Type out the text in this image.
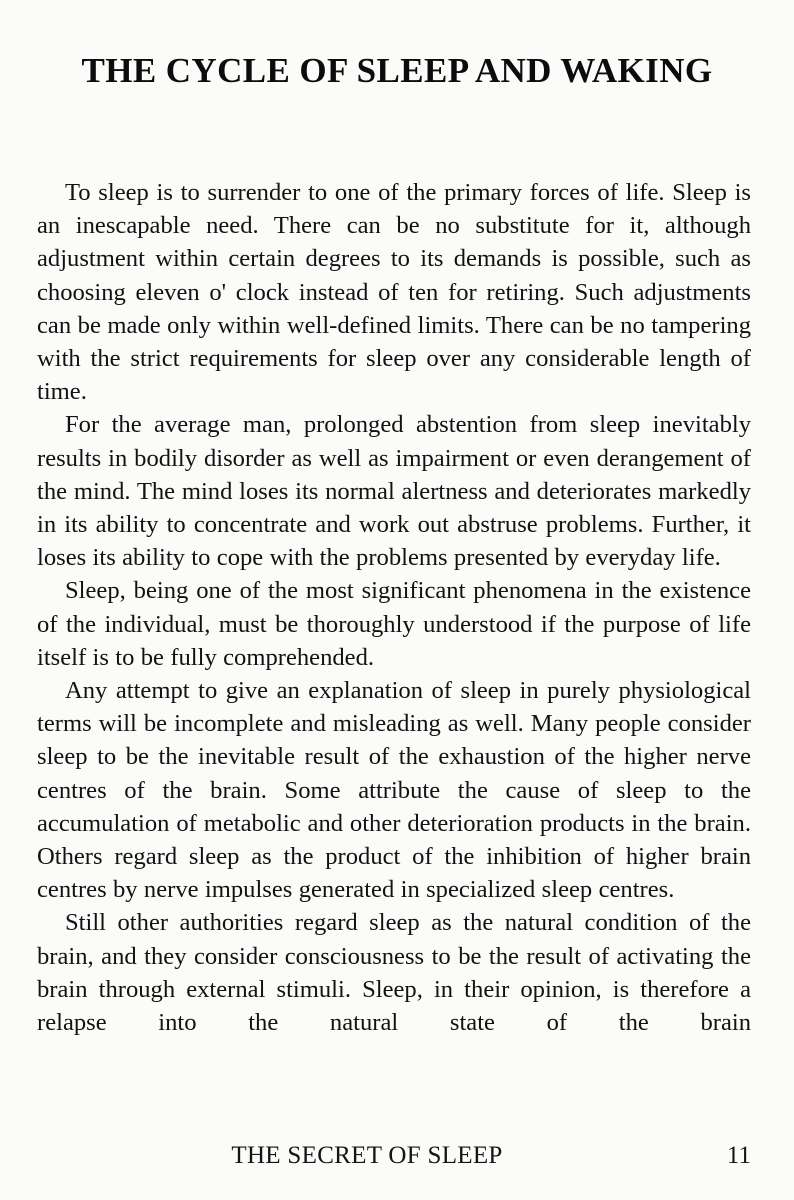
THE CYCLE OF SLEEP AND WAKING

To sleep is to surrender to one of the primary forces of life. Sleep is an inescapable need. There can be no substitute for it, although adjustment within certain degrees to its demands is possible, such as choosing eleven o' clock instead of ten for retiring. Such adjustments can be made only within well-defined limits. There can be no tampering with the strict requirements for sleep over any considerable length of time.

For the average man, prolonged abstention from sleep inevitably results in bodily disorder as well as impairment or even derangement of the mind. The mind loses its normal alertness and deteriorates markedly in its ability to concentrate and work out abstruse problems. Further, it loses its ability to cope with the problems presented by everyday life.

Sleep, being one of the most significant phenomena in the existence of the individual, must be thoroughly understood if the purpose of life itself is to be fully comprehended.

Any attempt to give an explanation of sleep in purely physiological terms will be incomplete and misleading as well. Many people consider sleep to be the inevitable result of the exhaustion of the higher nerve centres of the brain. Some attribute the cause of sleep to the accumulation of metabolic and other deterioration products in the brain. Others regard sleep as the product of the inhibition of higher brain centres by nerve impulses generated in specialized sleep centres.

Still other authorities regard sleep as the natural condition of the brain, and they consider consciousness to be the result of activating the brain through external stimuli. Sleep, in their opinion, is therefore a relapse into the natural state of the brain

THE SECRET OF SLEEP	11
